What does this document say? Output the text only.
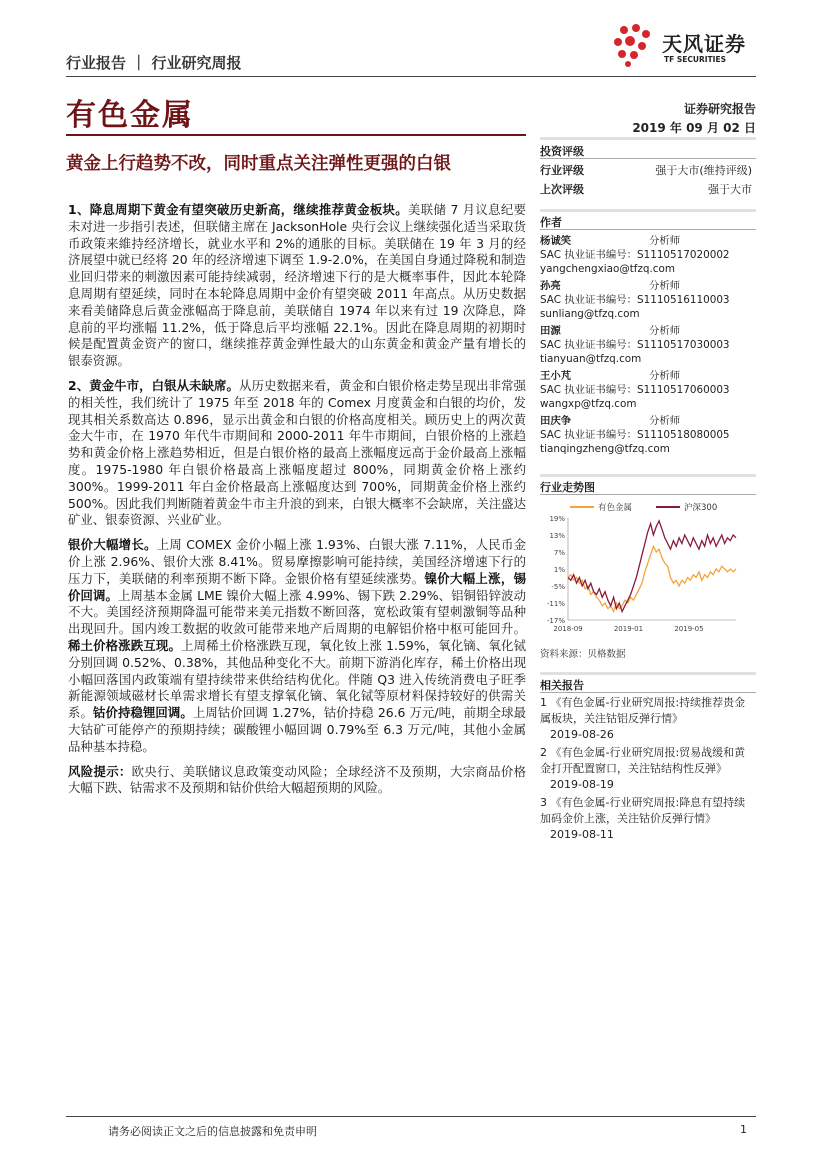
行业报告 ｜ 行业研究周报
天风证券
TF SECURITIES
有色金属	证券研究报告
2019 年 09 月 02 日
黄金上行趋势不改，同时重点关注弹性更强的白银
投资评级
行业评级	强于大市(维持评级)
上次评级	强于大市
作者
杨诚笑	分析师

SAC 执业证书编号：S1110517020002
yangchengxiao@tfzq.com
孙亮	分析师

SAC 执业证书编号：S1110516110003
sunliang@tfzq.com
田源	分析师

SAC 执业证书编号：S1110517030003
tianyuan@tfzq.com
王小芃	分析师

SAC 执业证书编号：S1110517060003
wangxp@tfzq.com
田庆争	分析师

SAC 执业证书编号：S1110518080005
tianqingzheng@tfzq.com
行业走势图
有色金属	沪深300
19%
13%
7%
1%
-5%
-11%
-17%
2018-09	2019-01	2019-05
资料来源：贝格数据
相关报告
1 《有色金属-行业研究周报:持续推荐贵金属板块，关注钴铝反弹行情》
2019-08-26
2 《有色金属-行业研究周报:贸易战缓和黄金打开配置窗口，关注钴结构性反弹》
2019-08-19
3 《有色金属-行业研究周报:降息有望持续加码金价上涨，关注钴价反弹行情》
2019-08-11

1、降息周期下黄金有望突破历史新高，继续推荐黄金板块。美联储 7 月议息纪要未对进一步指引表述，但联储主席在 JacksonHole 央行会议上继续强化适当采取货币政策来維持经济增长，就业水平和 2%的通胀的目标。美联储在 19 年 3 月的经济展望中就已经将 20 年的经济增速下调至 1.9-2.0%，在美国自身通过降税和制造业回归带来的刺激因素可能持续减弱，经济增速下行的是大概率事件，因此本轮降息周期有望延续，同时在本轮降息周期中金价有望突破 2011 年高点。从历史数据来看美储降息后黄金涨幅高于降息前，美联储自 1974 年以来有过 19 次降息，降息前的平均涨幅 11.2%，低于降息后平均涨幅 22.1%。因此在降息周期的初期时候是配置黄金资产的窗口，继续推荐黄金弹性最大的山东黄金和黄金产量有增长的银泰资源。

2、黄金牛市，白银从未缺席。从历史数据来看，黄金和白银价格走势呈现出非常强的相关性，我们统计了 1975 年至 2018 年的 Comex 月度黄金和白银的均价，发现其相关系数高达 0.896，显示出黄金和白银的价格高度相关。顾历史上的两次黄金大牛市，在 1970 年代牛市期间和 2000-2011 年牛市期间，白银价格的上涨趋势和黄金价格上涨趋势相近，但是白银价格的最高上涨幅度远高于金价最高上涨幅度。1975-1980 年白银价格最高上涨幅度超过 800%，同期黄金价格上涨约 300%。1999-2011 年白金价格最高上涨幅度达到 700%，同期黄金价格上涨约 500%。因此我们判断随着黄金牛市主升浪的到来，白银大概率不会缺席，关注盛达矿业、银泰资源、兴业矿业。

银价大幅增长。上周 COMEX 金价小幅上涨 1.93%、白银大涨 7.11%，人民币金价上涨 2.96%、银价大涨 8.41%。贸易摩擦影响可能持续，美国经济增速下行的压力下，美联储的利率预期不断下降。金银价格有望延续涨势。镍价大幅上涨，锡价回调。上周基本金属 LME 镍价大幅上涨 4.99%、锡下跌 2.29%、铝铜铅锌波动不大。美国经济预期降温可能带来美元指数不断回落，宽松政策有望刺激铜等品种出现回升。国内竣工数据的收敛可能带来地产后周期的电解铝价格中枢可能回升。稀土价格涨跌互现。上周稀土价格涨跌互现，氧化钕上涨 1.59%，氧化镝、氧化铽分别回调 0.52%、0.38%，其他品种变化不大。前期下游消化库存，稀土价格出现小幅回落国内政策端有望持续带来供给结构优化。伴随 Q3 进入传统消费电子旺季新能源领域磁材长单需求增长有望支撑氧化镝、氧化铽等原材料保持较好的供需关系。钴价持稳锂回调。上周钴价回调 1.27%，钴价持稳 26.6 万元/吨，前期全球最大钴矿可能停产的预期持续；碳酸锂小幅回调 0.79%至 6.3 万元/吨，其他小金属品种基本持稳。

风险提示：欧央行、美联储议息政策变动风险；全球经济不及预期，大宗商品价格大幅下跌、钴需求不及预期和钴价供给大幅超预期的风险。

请务必阅读正文之后的信息披露和免责申明	1
